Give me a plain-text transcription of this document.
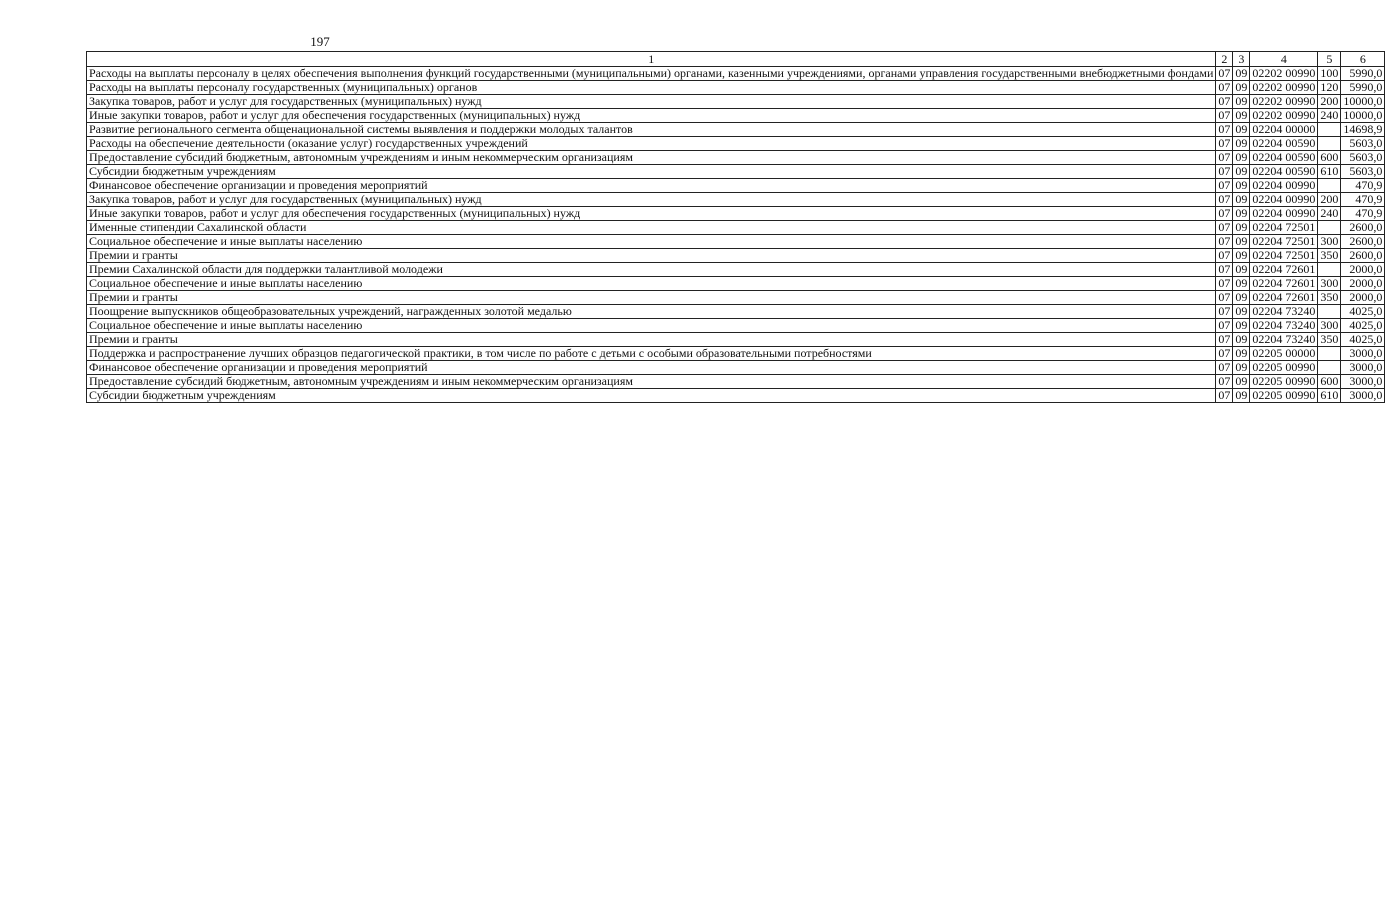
197
1	2	3	4	5	6
Расходы на выплаты персоналу в целях обеспечения выполнения функций государственными (муниципальными) органами, казенными учреждениями, органами управления государственными внебюджетными фондами	07	09	02202 00990	100	5990,0
Расходы на выплаты персоналу государственных (муниципальных) органов	07	09	02202 00990	120	5990,0
Закупка товаров, работ и услуг для государственных (муниципальных) нужд	07	09	02202 00990	200	10000,0
Иные закупки товаров, работ и услуг для обеспечения государственных (муниципальных) нужд	07	09	02202 00990	240	10000,0
Развитие регионального сегмента общенациональной системы выявления и поддержки молодых талантов	07	09	02204 00000		14698,9
Расходы на обеспечение деятельности (оказание услуг) государственных учреждений	07	09	02204 00590		5603,0
Предоставление субсидий бюджетным, автономным учреждениям и иным некоммерческим организациям	07	09	02204 00590	600	5603,0
Субсидии бюджетным учреждениям	07	09	02204 00590	610	5603,0
Финансовое обеспечение организации и проведения мероприятий	07	09	02204 00990		470,9
Закупка товаров, работ и услуг для государственных (муниципальных) нужд	07	09	02204 00990	200	470,9
Иные закупки товаров, работ и услуг для обеспечения государственных (муниципальных) нужд	07	09	02204 00990	240	470,9
Именные стипендии Сахалинской области	07	09	02204 72501		2600,0
Социальное обеспечение и иные выплаты населению	07	09	02204 72501	300	2600,0
Премии и гранты	07	09	02204 72501	350	2600,0
Премии Сахалинской области для поддержки талантливой молодежи	07	09	02204 72601		2000,0
Социальное обеспечение и иные выплаты населению	07	09	02204 72601	300	2000,0
Премии и гранты	07	09	02204 72601	350	2000,0
Поощрение выпускников общеобразовательных учреждений, награжденных золотой медалью	07	09	02204 73240		4025,0
Социальное обеспечение и иные выплаты населению	07	09	02204 73240	300	4025,0
Премии и гранты	07	09	02204 73240	350	4025,0
Поддержка и распространение лучших образцов педагогической практики, в том числе по работе с детьми с особыми образовательными потребностями	07	09	02205 00000		3000,0
Финансовое обеспечение организации и проведения мероприятий	07	09	02205 00990		3000,0
Предоставление субсидий бюджетным, автономным учреждениям и иным некоммерческим организациям	07	09	02205 00990	600	3000,0
Субсидии бюджетным учреждениям	07	09	02205 00990	610	3000,0
